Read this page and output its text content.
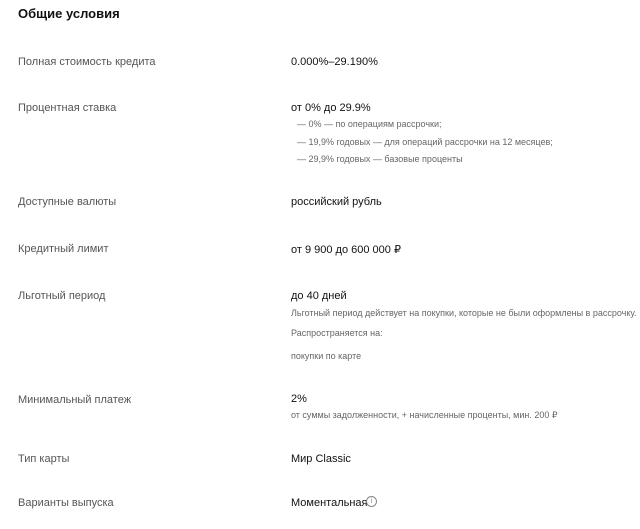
Общие условия
Полная стоимость кредита	0.000%–29.190%
Процентная ставка	от 0% до 29.9%
— 0% — по операциям рассрочки;
— 19,9% годовых — для операций рассрочки на 12 месяцев;
— 29,9% годовых — базовые проценты
Доступные валюты	российский рубль
Кредитный лимит	от 9 900 до 600 000 ₽
Льготный период	до 40 дней
Льготный период действует на покупки, которые не были оформлены в рассрочку.
Распространяется на:
покупки по карте
Минимальный платеж	2%
от суммы задолженности, + начисленные проценты, мин. 200 ₽
Тип карты	Мир Classic
Варианты выпуска	Моментальная i
